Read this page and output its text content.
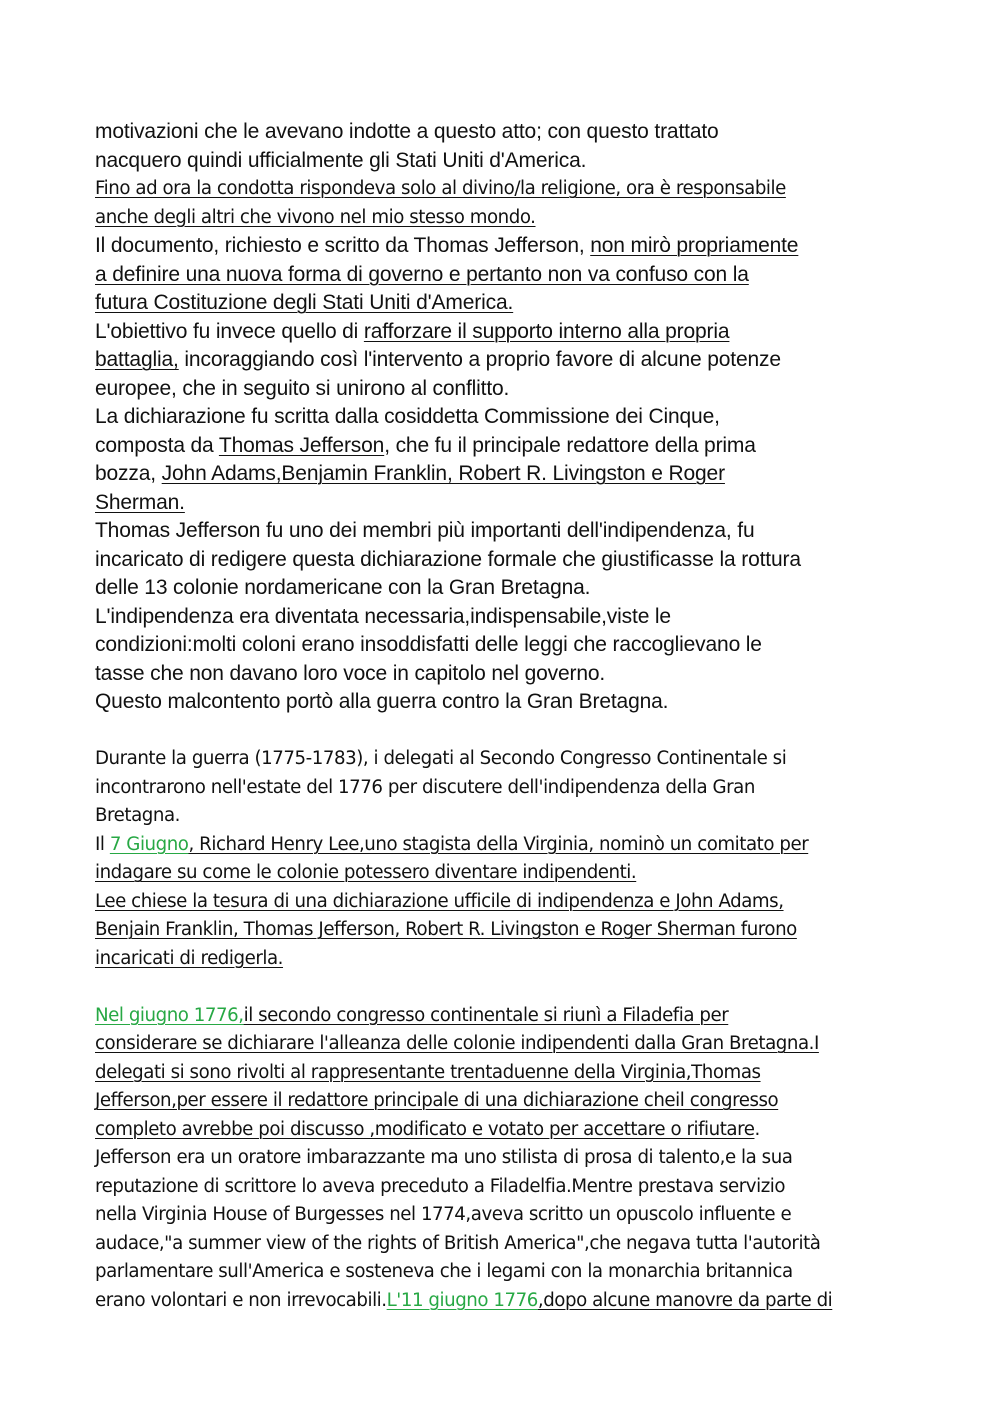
motivazioni che le avevano indotte a questo atto; con questo trattato
nacquero quindi ufficialmente gli Stati Uniti d'America.
Fino ad ora la condotta rispondeva solo al divino/la religione, ora è responsabile
anche degli altri che vivono nel mio stesso mondo.
Il documento, richiesto e scritto da Thomas Jefferson, non mirò propriamente
a definire una nuova forma di governo e pertanto non va confuso con la
futura Costituzione degli Stati Uniti d'America.
L'obiettivo fu invece quello di rafforzare il supporto interno alla propria
battaglia, incoraggiando così l'intervento a proprio favore di alcune potenze
europee, che in seguito si unirono al conflitto.
La dichiarazione fu scritta dalla cosiddetta Commissione dei Cinque,
composta da Thomas Jefferson, che fu il principale redattore della prima
bozza, John Adams,Benjamin Franklin, Robert R. Livingston e Roger
Sherman.
Thomas Jefferson fu uno dei membri più importanti dell'indipendenza, fu
incaricato di redigere questa dichiarazione formale che giustificasse la rottura
delle 13 colonie nordamericane con la Gran Bretagna.
L'indipendenza era diventata necessaria,indispensabile,viste le
condizioni:molti coloni erano insoddisfatti delle leggi che raccoglievano le
tasse che non davano loro voce in capitolo nel governo.
Questo malcontento portò alla guerra contro la Gran Bretagna.
Durante la guerra (1775-1783), i delegati al Secondo Congresso Continentale si
incontrarono nell'estate del 1776 per discutere dell'indipendenza della Gran
Bretagna.
Il 7 Giugno, Richard Henry Lee,uno stagista della Virginia, nominò un comitato per
indagare su come le colonie potessero diventare indipendenti.
Lee chiese la tesura di una dichiarazione ufficile di indipendenza e John Adams,
Benjain Franklin, Thomas Jefferson, Robert R. Livingston e Roger Sherman furono
incaricati di redigerla.
Nel giugno 1776,il secondo congresso continentale si riunì a Filadefia per
considerare se dichiarare l'alleanza delle colonie indipendenti dalla Gran Bretagna.I
delegati si sono rivolti al rappresentante trentaduenne della Virginia,Thomas
Jefferson,per essere il redattore principale di una dichiarazione cheil congresso
completo avrebbe poi discusso ,modificato e votato per accettare o rifiutare.
Jefferson era un oratore imbarazzante ma uno stilista di prosa di talento,e la sua
reputazione di scrittore lo aveva preceduto a Filadelfia.Mentre prestava servizio
nella Virginia House of Burgesses nel 1774,aveva scritto un opuscolo influente e
audace,"a summer view of the rights of British America",che negava tutta l'autorità
parlamentare sull'America e sosteneva che i legami con la monarchia britannica
erano volontari e non irrevocabili.L'11 giugno 1776,dopo alcune manovre da parte di
